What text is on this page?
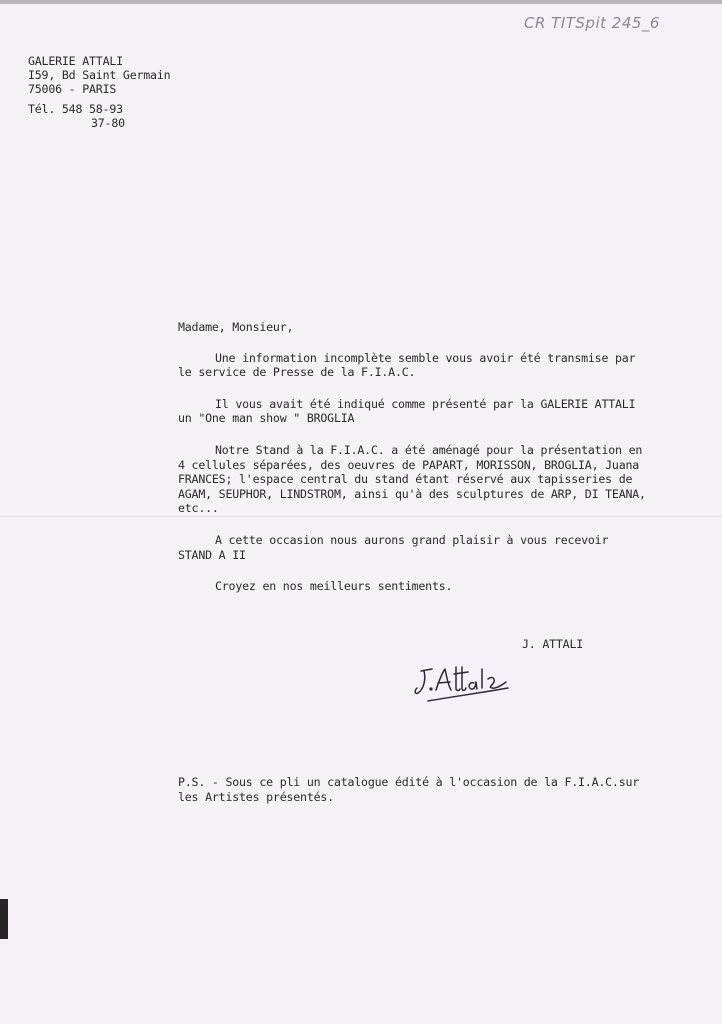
CR TITSpit 245_6
GALERIE ATTALI
I59, Bd Saint Germain
75006 - PARIS
Tél. 548 58-93
37-80

Madame, Monsieur,

Une information incomplète semble vous avoir été transmise par
le service de Presse de la F.I.A.C.
Il vous avait été indiqué comme présenté par la GALERIE ATTALI
un "One man show " BROGLIA
Notre Stand à la F.I.A.C. a été aménagé pour la présentation en
4 cellules séparées, des oeuvres de PAPART, MORISSON, BROGLIA, Juana
FRANCES; l'espace central du stand étant réservé aux tapisseries de
AGAM, SEUPHOR, LINDSTROM, ainsi qu'à des sculptures de ARP, DI TEANA,
etc...
A cette occasion nous aurons grand plaisir à vous recevoir
STAND A II
Croyez en nos meilleurs sentiments.
J. ATTALI
P.S. - Sous ce pli un catalogue édité à l'occasion de la F.I.A.C.sur
les Artistes présentés.
